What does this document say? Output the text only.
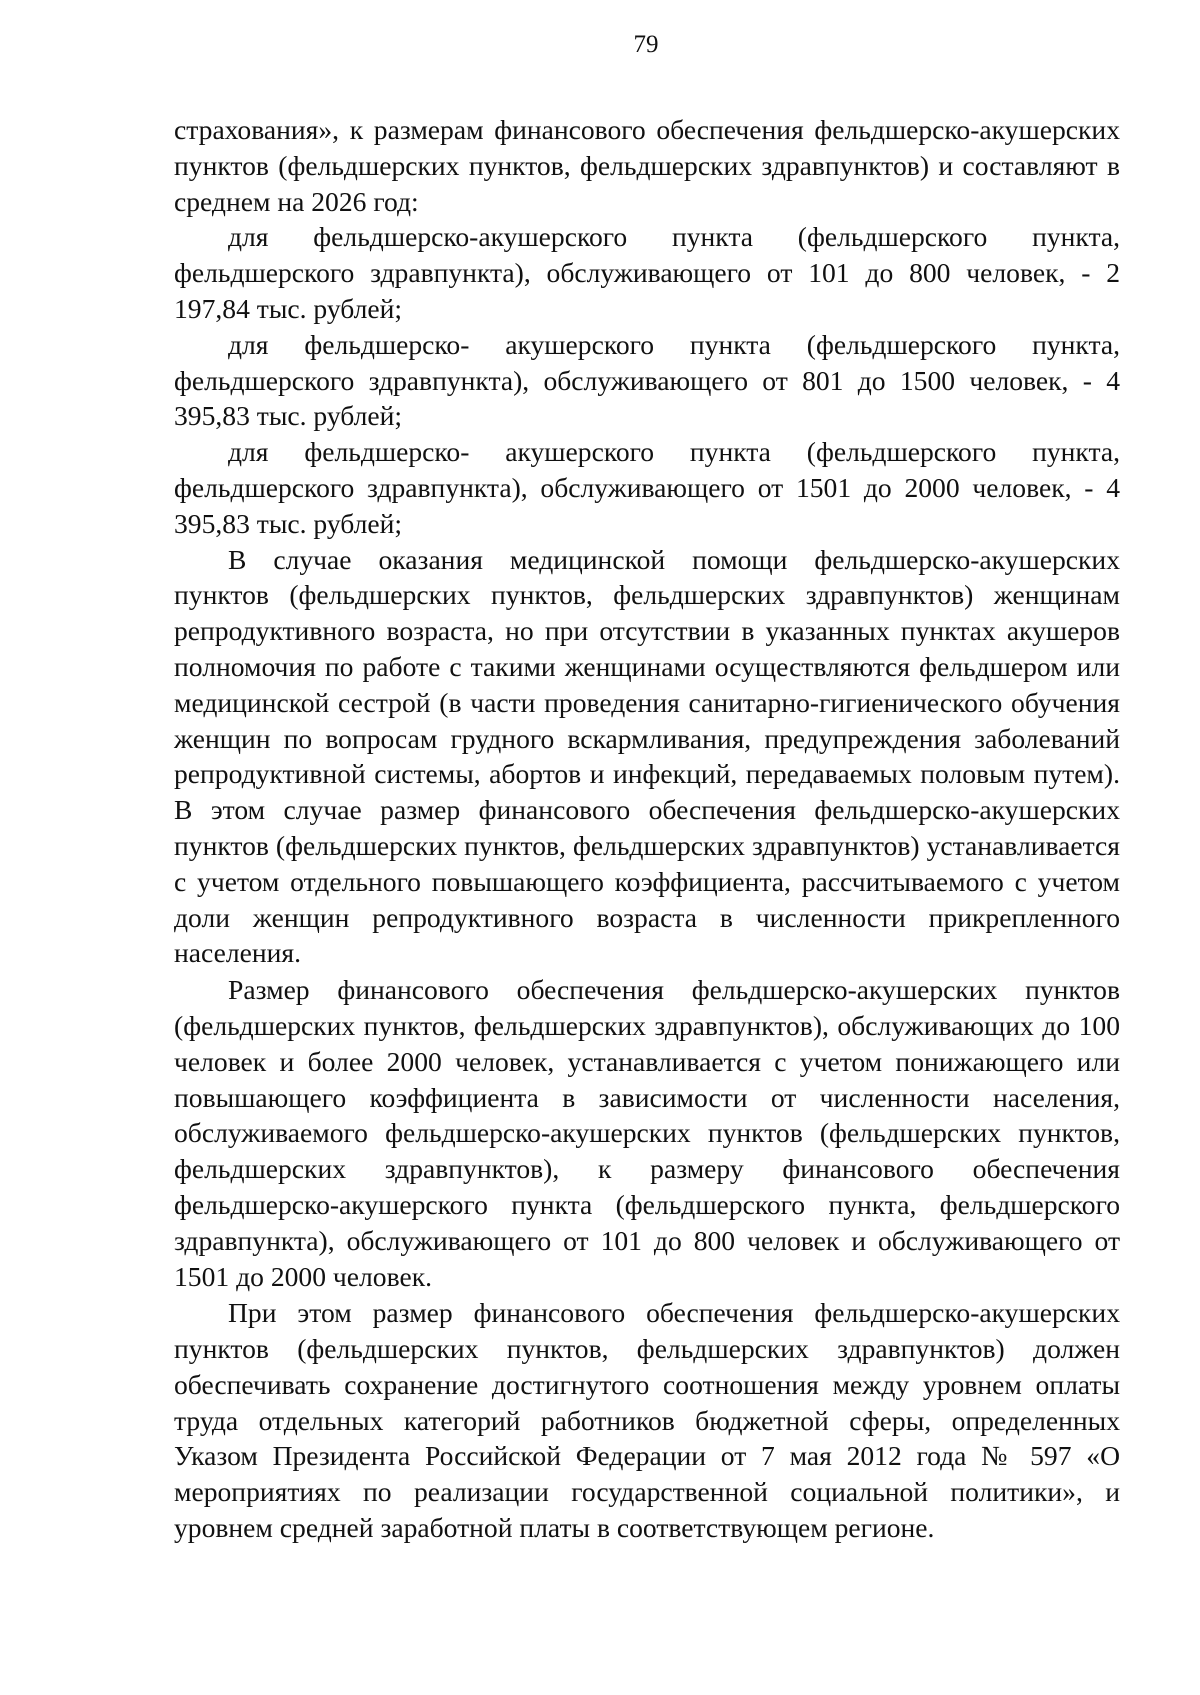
79

страхования», к размерам финансового обеспечения фельдшерско-акушерских пунктов (фельдшерских пунктов, фельдшерских здравпунктов) и составляют в среднем на 2026 год:

для фельдшерско-акушерского пункта (фельдшерского пункта, фельдшерского здравпункта), обслуживающего от 101 до 800 человек, - 2 197,84 тыс. рублей;

для фельдшерско- акушерского пункта (фельдшерского пункта, фельдшерского здравпункта), обслуживающего от 801 до 1500 человек, - 4 395,83 тыс. рублей;

для фельдшерско- акушерского пункта (фельдшерского пункта, фельдшерского здравпункта), обслуживающего от 1501 до 2000 человек, - 4 395,83 тыс. рублей;

В случае оказания медицинской помощи фельдшерско-акушерских пунктов (фельдшерских пунктов, фельдшерских здравпунктов) женщинам репродуктивного возраста, но при отсутствии в указанных пунктах акушеров полномочия по работе с такими женщинами осуществляются фельдшером или медицинской сестрой (в части проведения санитарно-гигиенического обучения женщин по вопросам грудного вскармливания, предупреждения заболеваний репродуктивной системы, абортов и инфекций, передаваемых половым путем). В этом случае размер финансового обеспечения фельдшерско-акушерских пунктов (фельдшерских пунктов, фельдшерских здравпунктов) устанавливается с учетом отдельного повышающего коэффициента, рассчитываемого с учетом доли женщин репродуктивного возраста в численности прикрепленного населения.

Размер финансового обеспечения фельдшерско-акушерских пунктов (фельдшерских пунктов, фельдшерских здравпунктов), обслуживающих до 100 человек и более 2000 человек, устанавливается с учетом понижающего или повышающего коэффициента в зависимости от численности населения, обслуживаемого фельдшерско-акушерских пунктов (фельдшерских пунктов, фельдшерских здравпунктов), к размеру финансового обеспечения фельдшерско-акушерского пункта (фельдшерского пункта, фельдшерского здравпункта), обслуживающего от 101 до 800 человек и обслуживающего от 1501 до 2000 человек.

При этом размер финансового обеспечения фельдшерско-акушерских пунктов (фельдшерских пунктов, фельдшерских здравпунктов) должен обеспечивать сохранение достигнутого соотношения между уровнем оплаты труда отдельных категорий работников бюджетной сферы, определенных Указом Президента Российской Федерации от 7 мая 2012 года № 597 «О мероприятиях по реализации государственной социальной политики», и уровнем средней заработной платы в соответствующем регионе.
